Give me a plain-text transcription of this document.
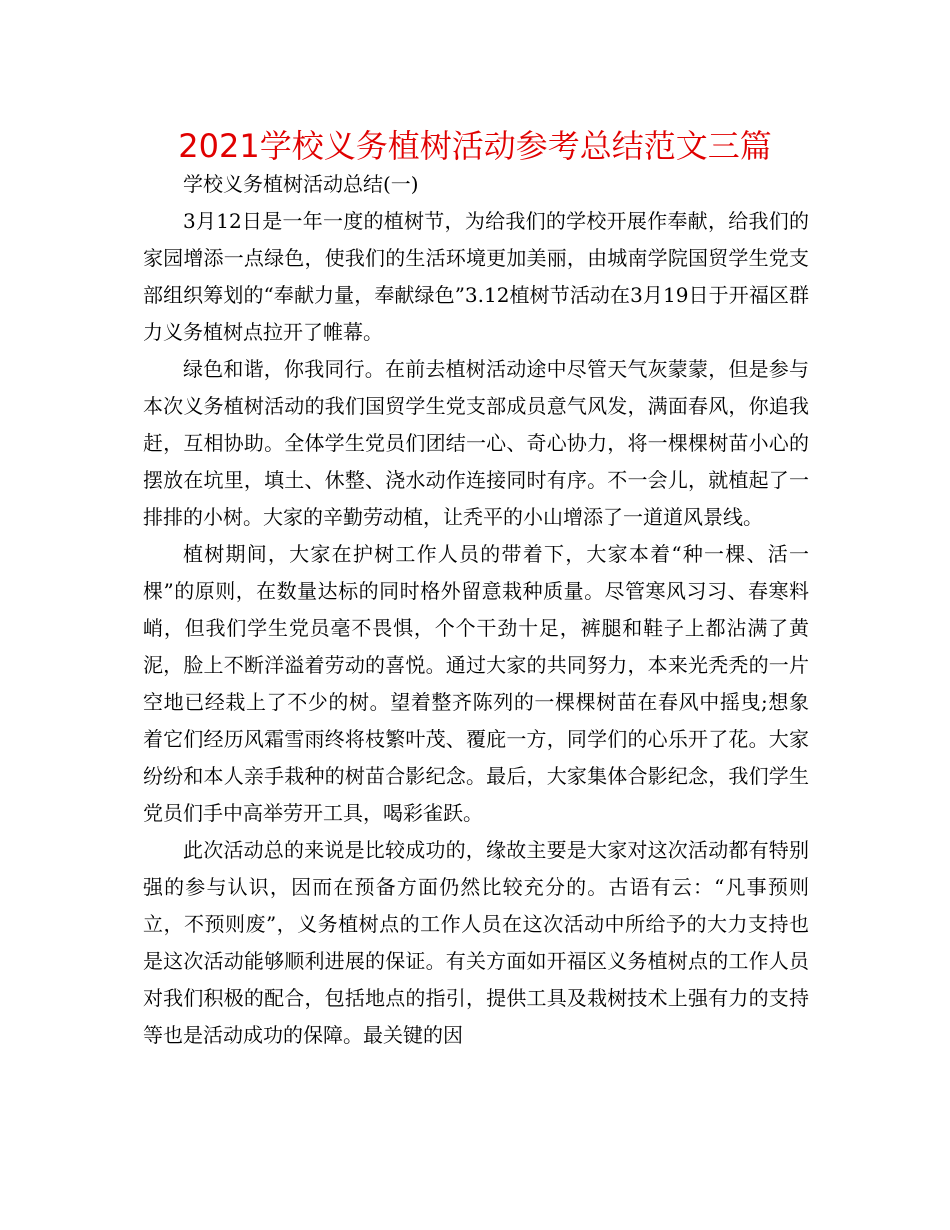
2021学校义务植树活动参考总结范文三篇

学校义务植树活动总结(一)

3月12日是一年一度的植树节，为给我们的学校开展作奉献，给我们的家园增添一点绿色，使我们的生活环境更加美丽，由城南学院国贸学生党支部组织筹划的“奉献力量，奉献绿色”3.12植树节活动在3月19日于开福区群力义务植树点拉开了帷幕。

绿色和谐，你我同行。在前去植树活动途中尽管天气灰蒙蒙，但是参与本次义务植树活动的我们国贸学生党支部成员意气风发，满面春风，你追我赶，互相协助。全体学生党员们团结一心、奇心协力，将一棵棵树苗小心的摆放在坑里，填土、休整、浇水动作连接同时有序。不一会儿，就植起了一排排的小树。大家的辛勤劳动植，让秃平的小山增添了一道道风景线。

植树期间，大家在护树工作人员的带着下，大家本着“种一棵、活一棵”的原则，在数量达标的同时格外留意栽种质量。尽管寒风习习、春寒料峭，但我们学生党员毫不畏惧，个个干劲十足，裤腿和鞋子上都沾满了黄泥，脸上不断洋溢着劳动的喜悦。通过大家的共同努力，本来光秃秃的一片空地已经栽上了不少的树。望着整齐陈列的一棵棵树苗在春风中摇曳;想象着它们经历风霜雪雨终将枝繁叶茂、覆庇一方，同学们的心乐开了花。大家纷纷和本人亲手栽种的树苗合影纪念。最后，大家集体合影纪念，我们学生党员们手中高举劳开工具，喝彩雀跃。

此次活动总的来说是比较成功的，缘故主要是大家对这次活动都有特别强的参与认识，因而在预备方面仍然比较充分的。古语有云：“凡事预则立，不预则废”，义务植树点的工作人员在这次活动中所给予的大力支持也是这次活动能够顺利进展的保证。有关方面如开福区义务植树点的工作人员对我们积极的配合，包括地点的指引，提供工具及栽树技术上强有力的支持 等也是活动成功的保障。最关键的因
